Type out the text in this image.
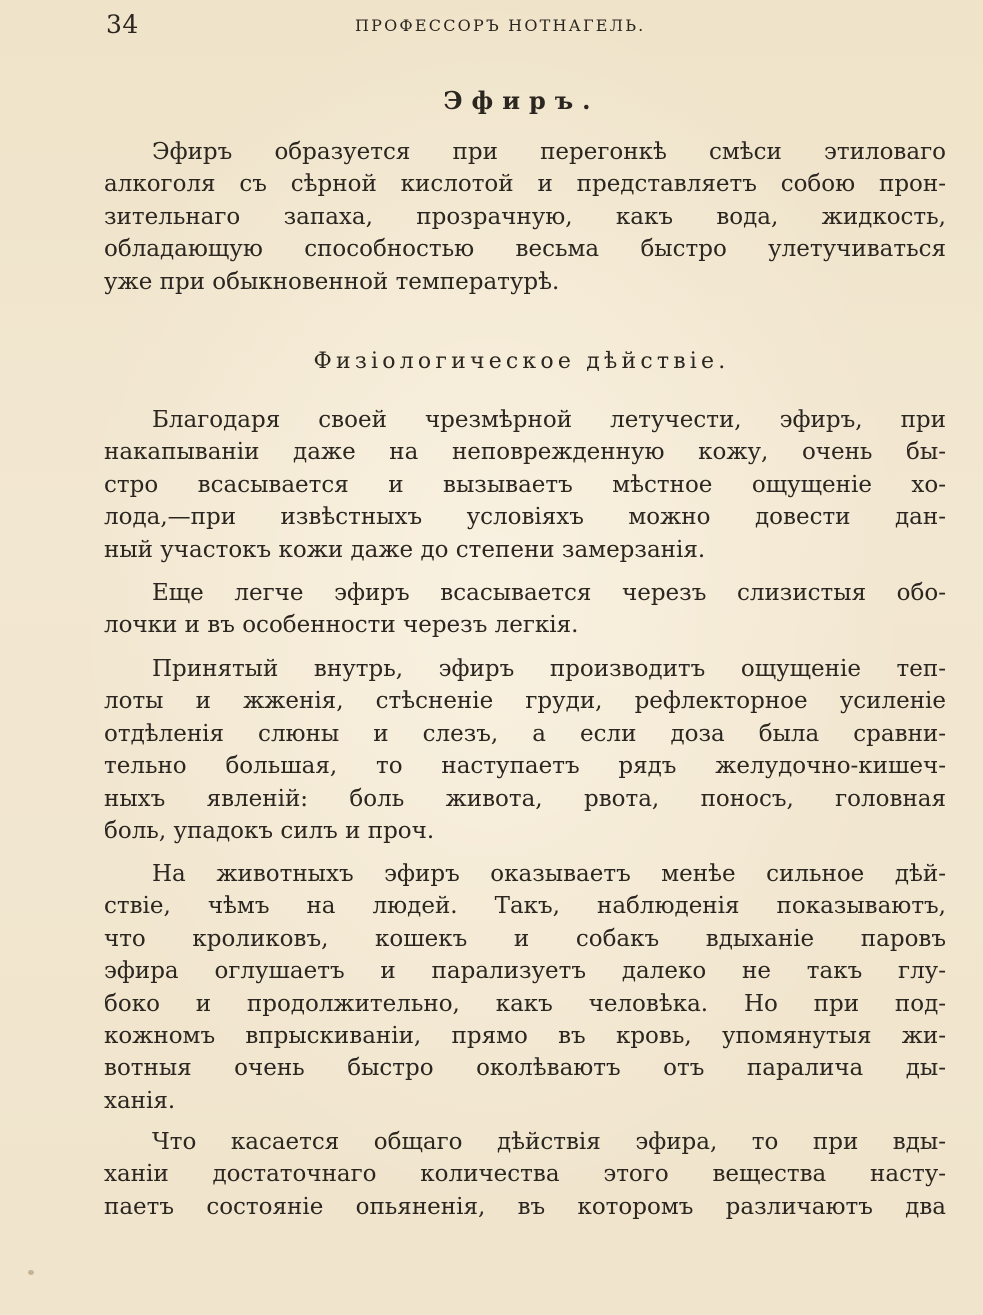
34	ПРОФЕССОРЪ НОТНАГЕЛЬ.
Эфиръ.
Эфиръ образуется при перегонкѣ смѣси этиловаго
алкоголя съ сѣрной кислотой и представляетъ собою прон-
зительнаго запаха, прозрачную, какъ вода, жидкость,
обладающую способностью весьма быстро улетучиваться
уже при обыкновенной температурѣ.
Физiологическое дѣйствiе.
Благодаря своей чрезмѣрной летучести, эфиръ, при
накапыванiи даже на неповрежденную кожу, очень бы-
стро всасывается и вызываетъ мѣстное ощущенiе хо-
лода,—при извѣстныхъ условiяхъ можно довести дан-
ный участокъ кожи даже до степени замерзанiя.
Еще легче эфиръ всасывается черезъ слизистыя обо-
лочки и въ особенности черезъ легкiя.
Принятый внутрь, эфиръ производитъ ощущенiе теп-
лоты и жженiя, стѣсненiе груди, рефлекторное усиленiе
отдѣленiя слюны и слезъ, а если доза была сравни-
тельно большая, то наступаетъ рядъ желудочно-кишеч-
ныхъ явленiй: боль живота, рвота, поносъ, головная
боль, упадокъ силъ и проч.
На животныхъ эфиръ оказываетъ менѣе сильное дѣй-
ствiе, чѣмъ на людей. Такъ, наблюденiя показываютъ,
что кроликовъ, кошекъ и собакъ вдыханiе паровъ
эфира оглушаетъ и парализуетъ далеко не такъ глу-
боко и продолжительно, какъ человѣка. Но при под-
кожномъ впрыскиванiи, прямо въ кровь, упомянутыя жи-
вотныя очень быстро околѣваютъ отъ паралича ды-
ханiя.
Что касается общаго дѣйствiя эфира, то при вды-
ханiи достаточнаго количества этого вещества насту-
паетъ состоянiе опьяненiя, въ которомъ различаютъ два
